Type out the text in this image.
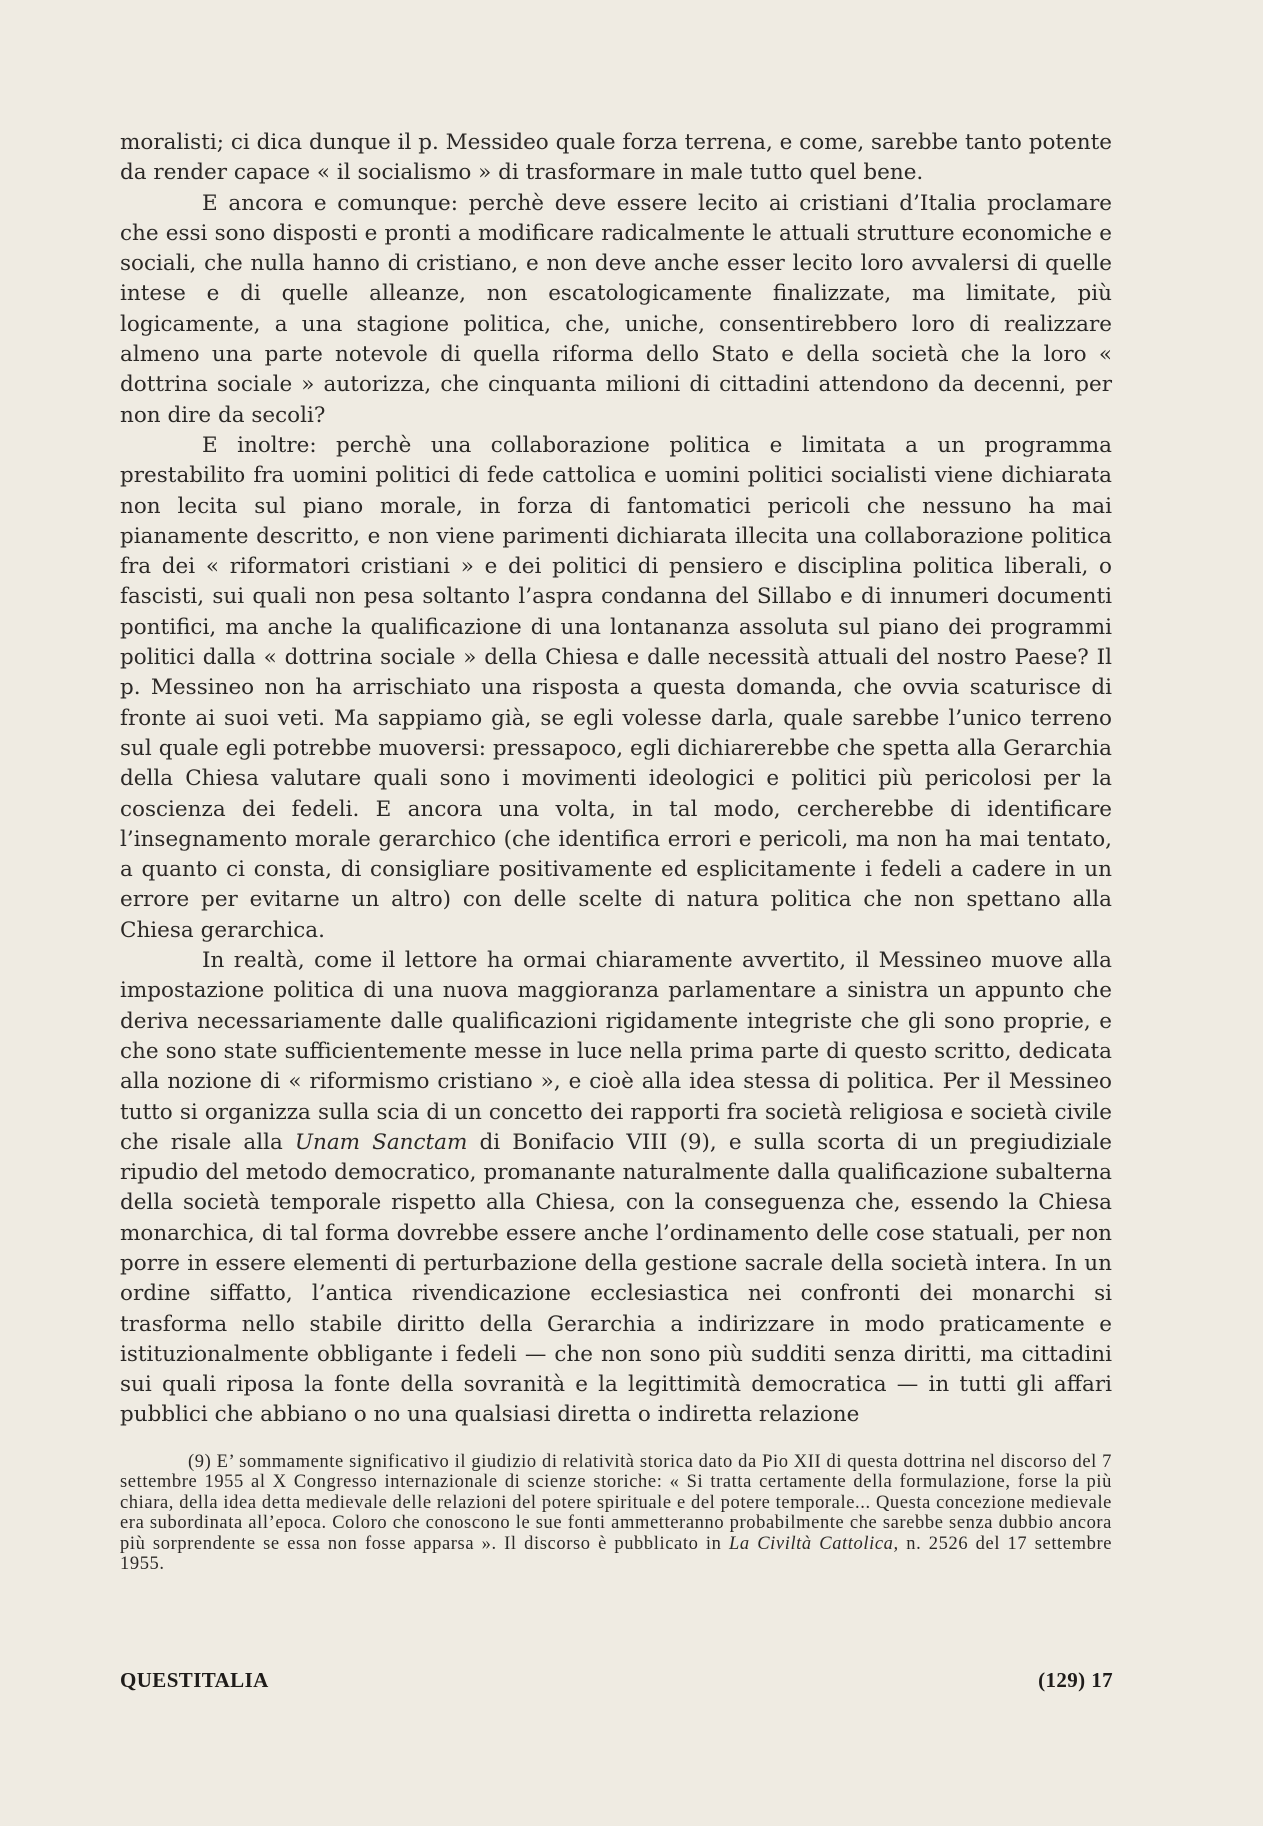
moralisti; ci dica dunque il p. Messideo quale forza terrena, e come, sarebbe tanto potente da render capace « il socialismo » di trasformare in male tutto quel bene.

E ancora e comunque: perchè deve essere lecito ai cristiani d’Italia proclamare che essi sono disposti e pronti a modificare radicalmente le attuali strutture economiche e sociali, che nulla hanno di cristiano, e non deve anche esser lecito loro avvalersi di quelle intese e di quelle alleanze, non escatologicamente finalizzate, ma limitate, più logicamente, a una stagione politica, che, uniche, consentirebbero loro di realizzare almeno una parte notevole di quella riforma dello Stato e della società che la loro « dottrina sociale » autorizza, che cinquanta milioni di cittadini attendono da decenni, per non dire da secoli?

E inoltre: perchè una collaborazione politica e limitata a un programma prestabilito fra uomini politici di fede cattolica e uomini politici socialisti viene dichiarata non lecita sul piano morale, in forza di fantomatici pericoli che nessuno ha mai pianamente descritto, e non viene parimenti dichiarata illecita una collaborazione politica fra dei « riformatori cristiani » e dei politici di pensiero e disciplina politica liberali, o fascisti, sui quali non pesa soltanto l’aspra condanna del Sillabo e di innumeri documenti pontifici, ma anche la qualificazione di una lontananza assoluta sul piano dei programmi politici dalla « dottrina sociale » della Chiesa e dalle necessità attuali del nostro Paese? Il p. Messineo non ha arrischiato una risposta a questa domanda, che ovvia scaturisce di fronte ai suoi veti. Ma sappiamo già, se egli volesse darla, quale sarebbe l’unico terreno sul quale egli potrebbe muoversi: pressapoco, egli dichiarerebbe che spetta alla Gerarchia della Chiesa valutare quali sono i movimenti ideologici e politici più pericolosi per la coscienza dei fedeli. E ancora una volta, in tal modo, cercherebbe di identificare l’insegnamento morale gerarchico (che identifica errori e pericoli, ma non ha mai tentato, a quanto ci consta, di consigliare positivamente ed esplicitamente i fedeli a cadere in un errore per evitarne un altro) con delle scelte di natura politica che non spettano alla Chiesa gerarchica.

In realtà, come il lettore ha ormai chiaramente avvertito, il Messineo muove alla impostazione politica di una nuova maggioranza parlamentare a sinistra un appunto che deriva necessariamente dalle qualificazioni rigidamente integriste che gli sono proprie, e che sono state sufficientemente messe in luce nella prima parte di questo scritto, dedicata alla nozione di « riformismo cristiano », e cioè alla idea stessa di politica. Per il Messineo tutto si organizza sulla scia di un concetto dei rapporti fra società religiosa e società civile che risale alla Unam Sanctam di Bonifacio VIII (9), e sulla scorta di un pregiudiziale ripudio del metodo democratico, promanante naturalmente dalla qualificazione subalterna della società temporale rispetto alla Chiesa, con la conseguenza che, essendo la Chiesa monarchica, di tal forma dovrebbe essere anche l’ordinamento delle cose statuali, per non porre in essere elementi di perturbazione della gestione sacrale della società intera. In un ordine siffatto, l’antica rivendicazione ecclesiastica nei confronti dei monarchi si trasforma nello stabile diritto della Gerarchia a indirizzare in modo praticamente e istituzionalmente obbligante i fedeli — che non sono più sudditi senza diritti, ma cittadini sui quali riposa la fonte della sovranità e la legittimità democratica — in tutti gli affari pubblici che abbiano o no una qualsiasi diretta o indiretta relazione

(9) E’ sommamente significativo il giudizio di relatività storica dato da Pio XII di questa dottrina nel discorso del 7 settembre 1955 al X Congresso internazionale di scienze storiche: « Si tratta certamente della formulazione, forse la più chiara, della idea detta medievale delle relazioni del potere spirituale e del potere temporale... Questa concezione medievale era subordinata all’epoca. Coloro che conoscono le sue fonti ammetteranno probabilmente che sarebbe senza dubbio ancora più sorprendente se essa non fosse apparsa ». Il discorso è pubblicato in La Civiltà Cattolica, n. 2526 del 17 settembre 1955.

QUESTITALIA	(129) 17
